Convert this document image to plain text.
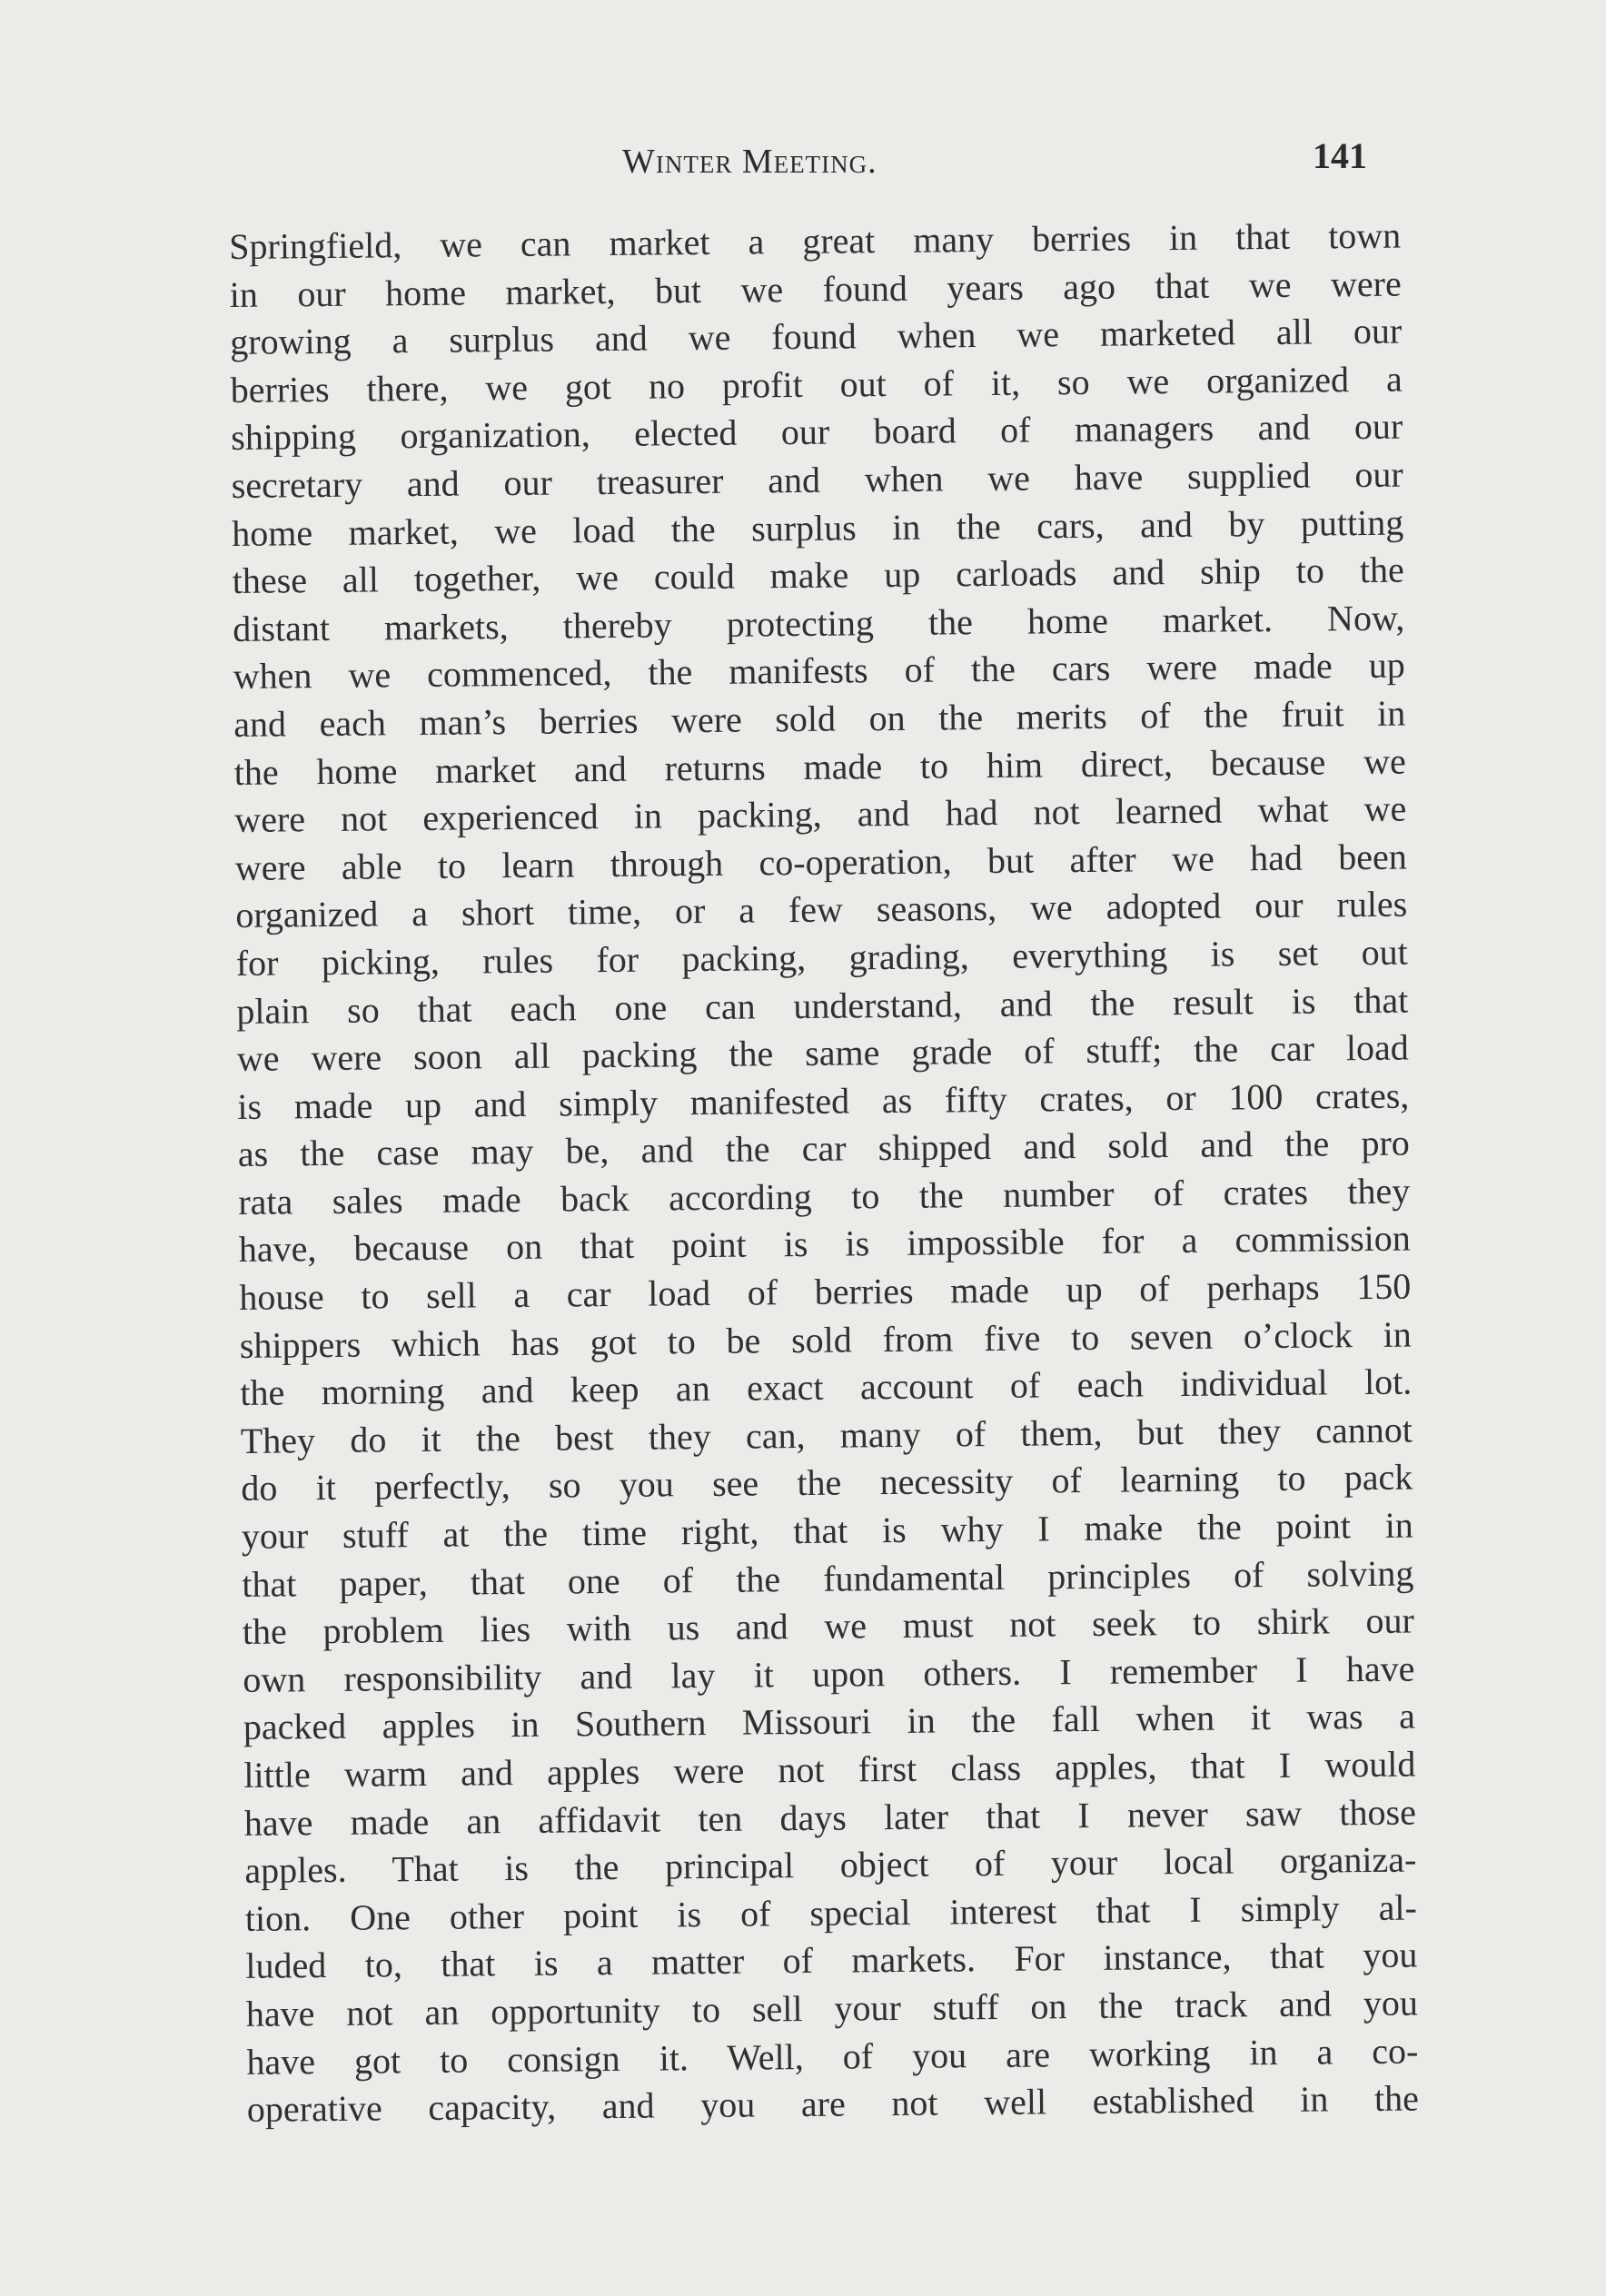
Winter Meeting.	141
Springfield, we can market a great many berries in that town
in our home market, but we found years ago that we were
growing a surplus and we found when we marketed all our
berries there, we got no profit out of it, so we organized a
shipping organization, elected our board of managers and our
secretary and our treasurer and when we have supplied our
home market, we load the surplus in the cars, and by putting
these all together, we could make up carloads and ship to the
distant markets, thereby protecting the home market. Now,
when we commenced, the manifests of the cars were made up
and each man’s berries were sold on the merits of the fruit in
the home market and returns made to him direct, because we
were not experienced in packing, and had not learned what we
were able to learn through co-operation, but after we had been
organized a short time, or a few seasons, we adopted our rules
for picking, rules for packing, grading, everything is set out
plain so that each one can understand, and the result is that
we were soon all packing the same grade of stuff; the car load
is made up and simply manifested as fifty crates, or 100 crates,
as the case may be, and the car shipped and sold and the pro
rata sales made back according to the number of crates they
have, because on that point is is impossible for a commission
house to sell a car load of berries made up of perhaps 150
shippers which has got to be sold from five to seven o’clock in
the morning and keep an exact account of each individual lot.
They do it the best they can, many of them, but they cannot
do it perfectly, so you see the necessity of learning to pack
your stuff at the time right, that is why I make the point in
that paper, that one of the fundamental principles of solving
the problem lies with us and we must not seek to shirk our
own responsibility and lay it upon others. I remember I have
packed apples in Southern Missouri in the fall when it was a
little warm and apples were not first class apples, that I would
have made an affidavit ten days later that I never saw those
apples. That is the principal object of your local organiza-
tion. One other point is of special interest that I simply al-
luded to, that is a matter of markets. For instance, that you
have not an opportunity to sell your stuff on the track and you
have got to consign it. Well, of you are working in a co-
operative capacity, and you are not well established in the
